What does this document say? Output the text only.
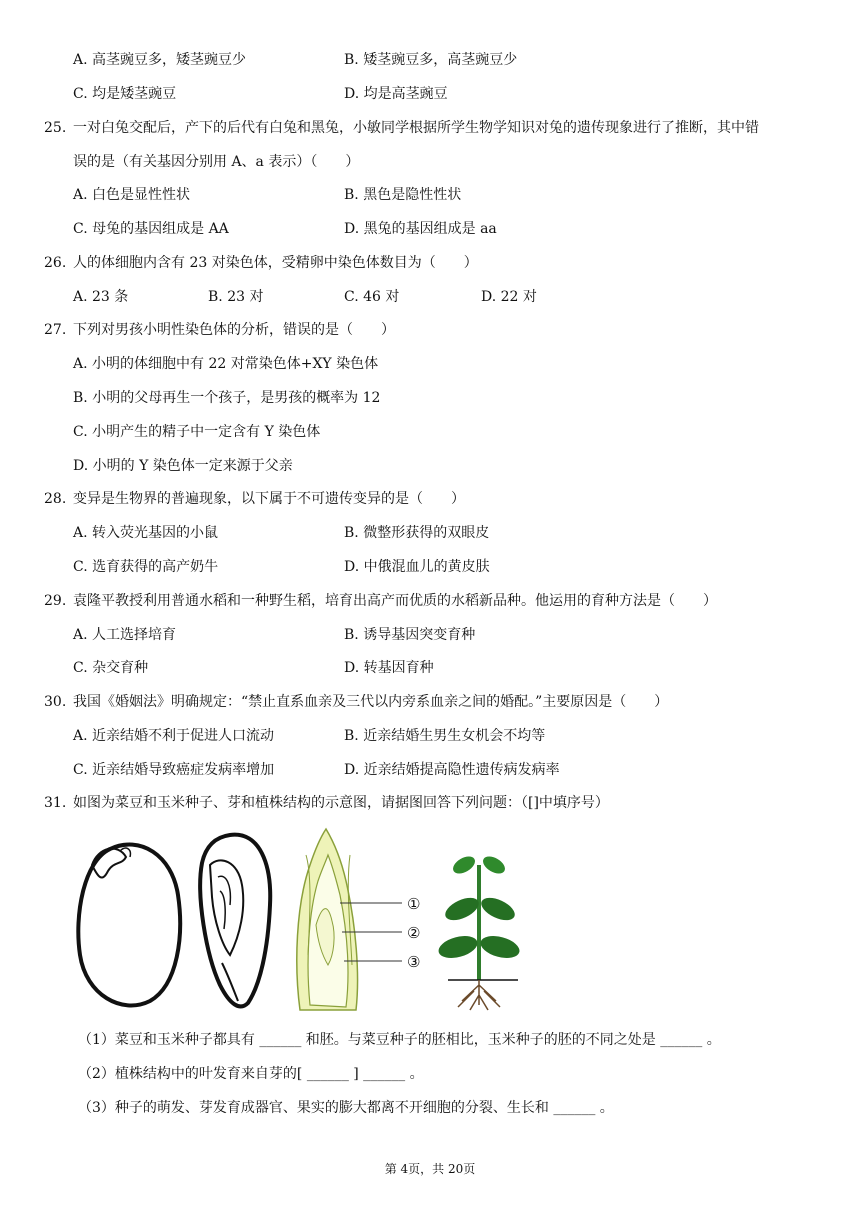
A. 高茎豌豆多，矮茎豌豆少	B. 矮茎豌豆多，高茎豌豆少
C. 均是矮茎豌豆	D. 均是高茎豌豆
25. 一对白兔交配后，产下的后代有白兔和黑兔，小敏同学根据所学生物学知识对兔的遗传现象进行了推断，其中错
误的是（有关基因分别用 A、a 表示）（　　）
A. 白色是显性性状	B. 黑色是隐性性状
C. 母兔的基因组成是 AA	D. 黑兔的基因组成是 aa
26. 人的体细胞内含有 23 对染色体，受精卵中染色体数目为（　　）
A. 23 条	B. 23 对	C. 46 对	D. 22 对
27. 下列对男孩小明性染色体的分析，错误的是（　　）
A. 小明的体细胞中有 22 对常染色体+XY 染色体
B. 小明的父母再生一个孩子，是男孩的概率为 12
C. 小明产生的精子中一定含有 Y 染色体
D. 小明的 Y 染色体一定来源于父亲
28. 变异是生物界的普遍现象，以下属于不可遗传变异的是（　　）
A. 转入荧光基因的小鼠	B. 微整形获得的双眼皮
C. 选育获得的高产奶牛	D. 中俄混血儿的黄皮肤
29. 袁隆平教授利用普通水稻和一种野生稻，培育出高产而优质的水稻新品种。他运用的育种方法是（　　）
A. 人工选择培育	B. 诱导基因突变育种
C. 杂交育种	D. 转基因育种
30. 我国《婚姻法》明确规定：“禁止直系血亲及三代以内旁系血亲之间的婚配。”主要原因是（　　）
A. 近亲结婚不利于促进人口流动	B. 近亲结婚生男生女机会不均等
C. 近亲结婚导致癌症发病率增加	D. 近亲结婚提高隐性遗传病发病率
31. 如图为菜豆和玉米种子、芽和植株结构的示意图，请据图回答下列问题：（[]中填序号）
①
②
③
（1）菜豆和玉米种子都具有 ______ 和胚。与菜豆种子的胚相比，玉米种子的胚的不同之处是 ______ 。
（2）植株结构中的叶发育来自芽的[ ______ ] ______ 。
（3）种子的萌发、芽发育成器官、果实的膨大都离不开细胞的分裂、生长和 ______ 。
第 4页，共 20页
